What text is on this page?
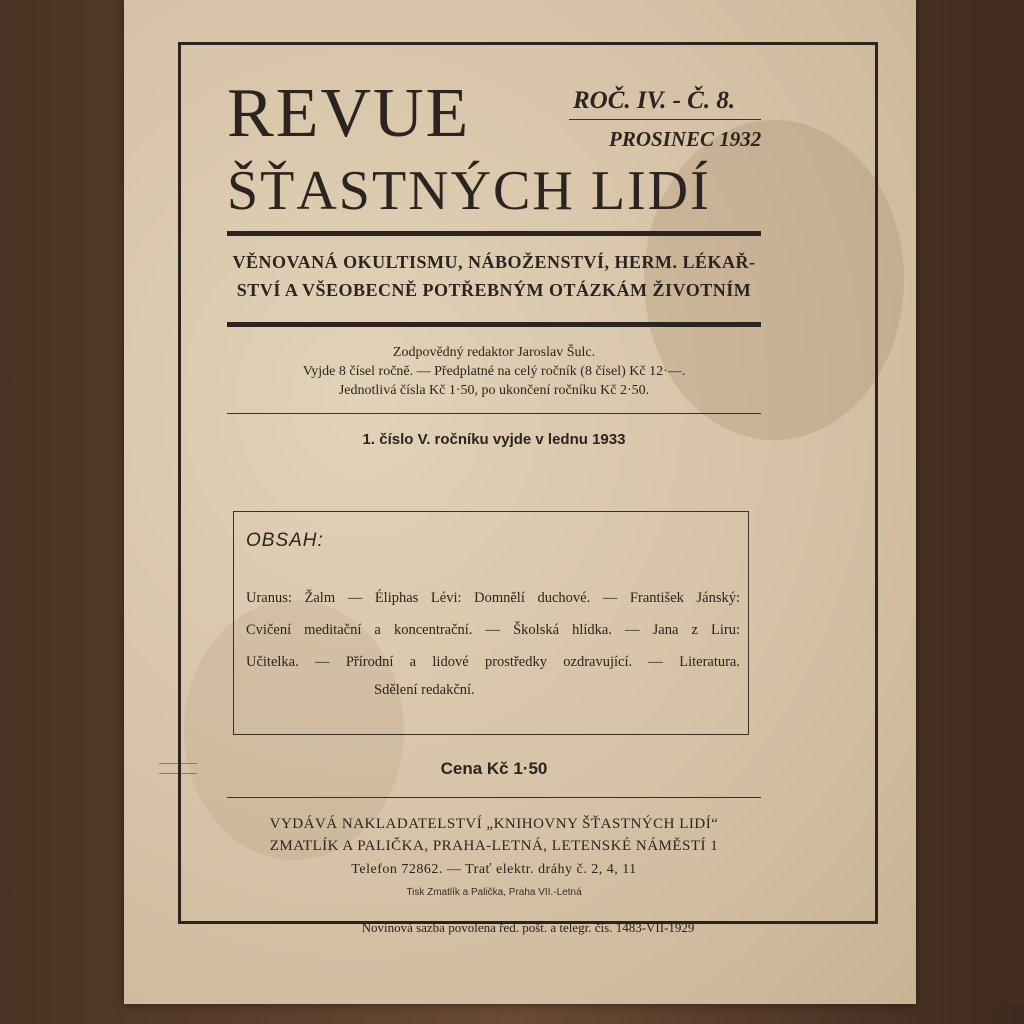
REVUE
ŠŤASTNÝCH LIDÍ
ROČ. IV. - Č. 8.
PROSINEC 1932
VĚNOVANÁ OKULTISMU, NÁBOŽENSTVÍ, HERM. LÉKAŘ-
STVÍ A VŠEOBECNĚ POTŘEBNÝM OTÁZKÁM ŽIVOTNÍM
Zodpovědný redaktor Jaroslav Šulc.
Vyjde 8 čísel ročně. — Předplatné na celý ročník (8 čísel) Kč 12·—.
Jednotlivá čísla Kč 1·50, po ukončení ročníku Kč 2·50.
1. číslo V. ročníku vyjde v lednu 1933
OBSAH:
Uranus: Žalm — Éliphas Lévi: Domnělí duchové. — František Jánský:
Cvičení meditační a koncentrační. — Školská hlídka. — Jana z Liru:
Učitelka. — Přírodní a lidové prostředky ozdravující. — Literatura.
Sdělení redakční.
Cena Kč 1·50
VYDÁVÁ NAKLADATELSTVÍ „KNIHOVNY ŠŤASTNÝCH LIDÍ“
ZMATLÍK A PALIČKA, PRAHA-LETNÁ, LETENSKÉ NÁMĚSTÍ 1
Telefon 72862. — Trať elektr. dráhy č. 2, 4, 11
Tisk Zmatlík a Palička, Praha VII.-Letná
Novinová sazba povolena řed. pošt. a telegr. čís. 1483-VII-1929
